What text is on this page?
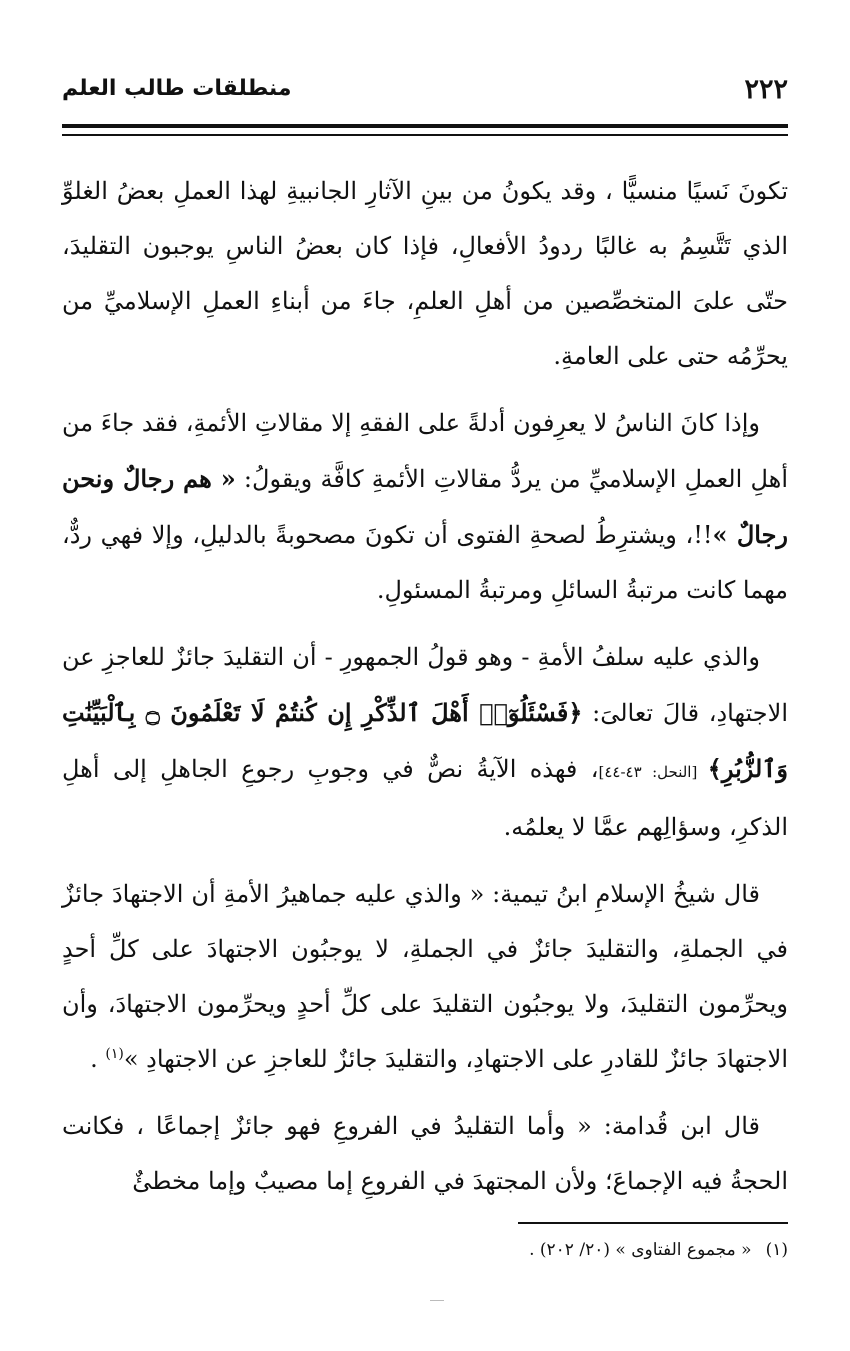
٢٢٢
منطلقات طالب العلم

تكونَ نَسيًا منسيًّا ، وقد يكونُ من بينِ الآثارِ الجانبيةِ لهذا العملِ بعضُ الغلوِّ الذي تَتَّسِمُ به غالبًا ردودُ الأفعالِ، فإذا كان بعضُ الناسِ يوجبون التقليدَ، حتّى علىَ المتخصِّصين من أهلِ العلمِ، جاءَ من أبناءِ العملِ الإسلاميِّ من يحرِّمُه حتى على العامةِ.

وإذا كانَ الناسُ لا يعرِفون أدلةً على الفقهِ إلا مقالاتِ الأئمةِ، فقد جاءَ من أهلِ العملِ الإسلاميِّ من يردُّ مقالاتِ الأئمةِ كافَّة ويقولُ: « هم رجالٌ ونحن رجالٌ »!!، ويشترِطُ لصحةِ الفتوى أن تكونَ مصحوبةً بالدليلِ، وإلا فهي ردٌّ، مهما كانت مرتبةُ السائلِ ومرتبةُ المسئولِ.

والذي عليه سلفُ الأمةِ - وهو قولُ الجمهورِ - أن التقليدَ جائزٌ للعاجزِ عن الاجتهادِ، قالَ تعالىَ: ﴿فَسْئَلُوٓا۟ أَهْلَ ٱلذِّكْرِ إِن كُنتُمْ لَا تَعْلَمُونَ ۝ بِٱلْبَيِّنَٰتِ وَٱلزُّبُرِ﴾ [النحل: ٤٣-٤٤]، فهذه الآيةُ نصٌّ في وجوبِ رجوعِ الجاهلِ إلى أهلِ الذكرِ، وسؤالِهم عمَّا لا يعلمُه.

قال شيخُ الإسلامِ ابنُ تيمية: « والذي عليه جماهيرُ الأمةِ أن الاجتهادَ جائزٌ في الجملةِ، والتقليدَ جائزٌ في الجملةِ، لا يوجبُون الاجتهادَ على كلِّ أحدٍ ويحرِّمون التقليدَ، ولا يوجبُون التقليدَ على كلِّ أحدٍ ويحرِّمون الاجتهادَ، وأن الاجتهادَ جائزٌ للقادرِ على الاجتهادِ، والتقليدَ جائزٌ للعاجزِ عن الاجتهادِ »$^{(١)}$ .

قال ابن قُدامة: « وأما التقليدُ في الفروعِ فهو جائزٌ إجماعًا ، فكانت الحجةُ فيه الإجماعَ؛ ولأن المجتهدَ في الفروعِ إما مصيبٌ وإما مخطئٌ

(١)« مجموع الفتاوى » (٢٠/ ٢٠٢) .
